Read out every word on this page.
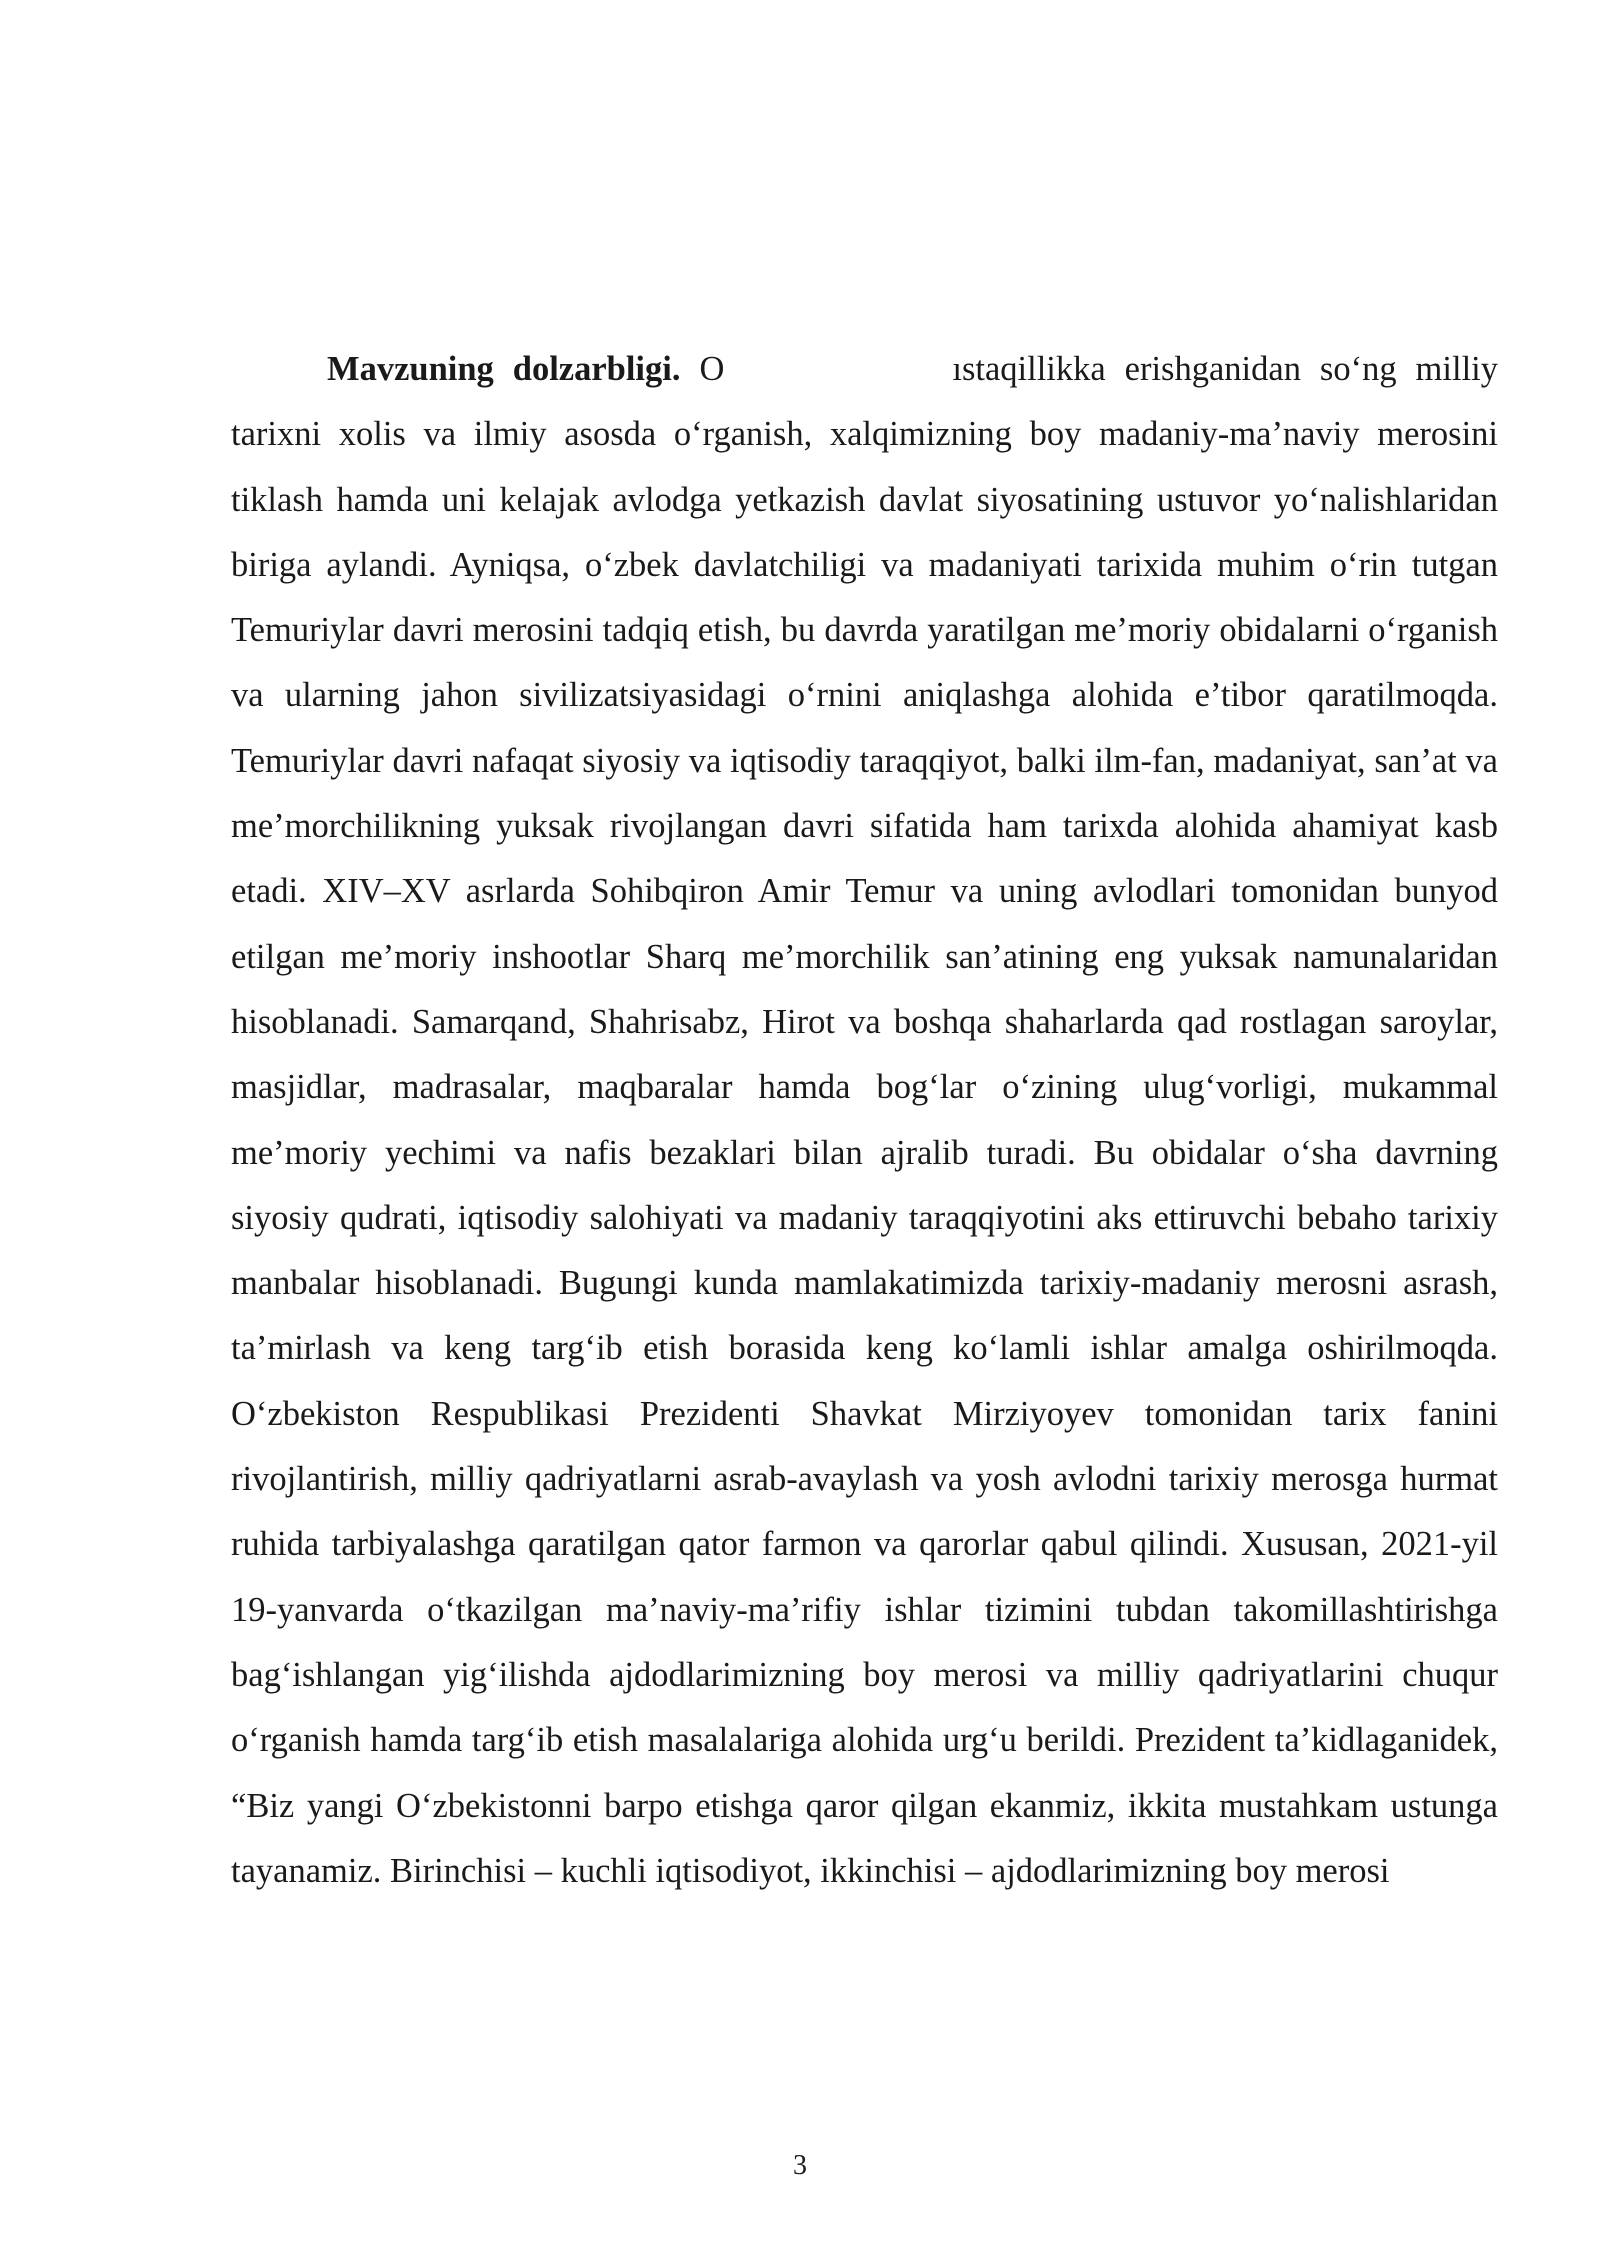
Mavzuning dolzarbligi. O	ıstaqillikka erishganidan so‘ng milliy tarixni xolis va ilmiy asosda o‘rganish, xalqimizning boy madaniy-ma’naviy merosini tiklash hamda uni kelajak avlodga yetkazish davlat siyosatining ustuvor yo‘nalishlaridan biriga aylandi. Ayniqsa, o‘zbek davlatchiligi va madaniyati tarixida muhim o‘rin tutgan Temuriylar davri merosini tadqiq etish, bu davrda yaratilgan me’moriy obidalarni o‘rganish va ularning jahon sivilizatsiyasidagi o‘rnini aniqlashga alohida e’tibor qaratilmoqda. Temuriylar davri nafaqat siyosiy va iqtisodiy taraqqiyot, balki ilm-fan, madaniyat, san’at va me’morchilikning yuksak rivojlangan davri sifatida ham tarixda alohida ahamiyat kasb etadi. XIV–XV asrlarda Sohibqiron Amir Temur va uning avlodlari tomonidan bunyod etilgan me’moriy inshootlar Sharq me’morchilik san’atining eng yuksak namunalaridan hisoblanadi. Samarqand, Shahrisabz, Hirot va boshqa shaharlarda qad rostlagan saroylar, masjidlar, madrasalar, maqbaralar hamda bog‘lar o‘zining ulug‘vorligi, mukammal me’moriy yechimi va nafis bezaklari bilan ajralib turadi. Bu obidalar o‘sha davrning siyosiy qudrati, iqtisodiy salohiyati va madaniy taraqqiyotini aks ettiruvchi bebaho tarixiy manbalar hisoblanadi. Bugungi kunda mamlakatimizda tarixiy-madaniy merosni asrash, ta’mirlash va keng targ‘ib etish borasida keng ko‘lamli ishlar amalga oshirilmoqda. O‘zbekiston Respublikasi Prezidenti Shavkat Mirziyoyev tomonidan tarix fanini rivojlantirish, milliy qadriyatlarni asrab-avaylash va yosh avlodni tarixiy merosga hurmat ruhida tarbiyalashga qaratilgan qator farmon va qarorlar qabul qilindi. Xususan, 2021-yil 19-yanvarda o‘tkazilgan ma’naviy-ma’rifiy ishlar tizimini tubdan takomillashtirishga bag‘ishlangan yig‘ilishda ajdodlarimizning boy merosi va milliy qadriyatlarini chuqur o‘rganish hamda targ‘ib etish masalalariga alohida urg‘u berildi. Prezident ta’kidlaganidek, “Biz yangi O‘zbekistonni barpo etishga qaror qilgan ekanmiz, ikkita mustahkam ustunga tayanamiz. Birinchisi – kuchli iqtisodiyot, ikkinchisi – ajdodlarimizning boy merosi

3
